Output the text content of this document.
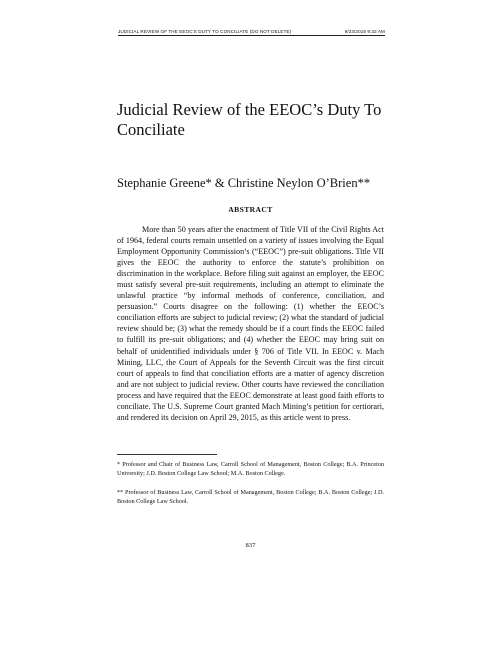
JUDICIAL REVIEW OF THE EEOC'S DUTY TO CONCILIATE (DO NOT DELETE)	9/23/2015 9:32 AM
Judicial Review of the EEOC’s Duty To Conciliate

Stephanie Greene* & Christine Neylon O’Brien**

ABSTRACT

More than 50 years after the enactment of Title VII of the Civil Rights Act of 1964, federal courts remain unsettled on a variety of issues involving the Equal Employment Opportunity Commission’s (“EEOC”) pre-suit obligations. Title VII gives the EEOC the authority to enforce the statute’s prohibition on discrimination in the workplace. Before filing suit against an employer, the EEOC must satisfy several pre-suit requirements, including an attempt to eliminate the unlawful practice “by informal methods of conference, conciliation, and persuasion.” Courts disagree on the following: (1) whether the EEOC’s conciliation efforts are subject to judicial review; (2) what the standard of judicial review should be; (3) what the remedy should be if a court finds the EEOC failed to fulfill its pre-suit obligations; and (4) whether the EEOC may bring suit on behalf of unidentified individuals under § 706 of Title VII. In EEOC v. Mach Mining, LLC, the Court of Appeals for the Seventh Circuit was the first circuit court of appeals to find that conciliation efforts are a matter of agency discretion and are not subject to judicial review. Other courts have reviewed the conciliation process and have required that the EEOC demonstrate at least good faith efforts to conciliate. The U.S. Supreme Court granted Mach Mining’s petition for certiorari, and rendered its decision on April 29, 2015, as this article went to press.

* Professor and Chair of Business Law, Carroll School of Management, Boston College; B.A. Princeton University; J.D. Boston College Law School; M.A. Boston College.

** Professor of Business Law, Carroll School of Management, Boston College; B.A. Boston College; J.D. Boston College Law School.

837
